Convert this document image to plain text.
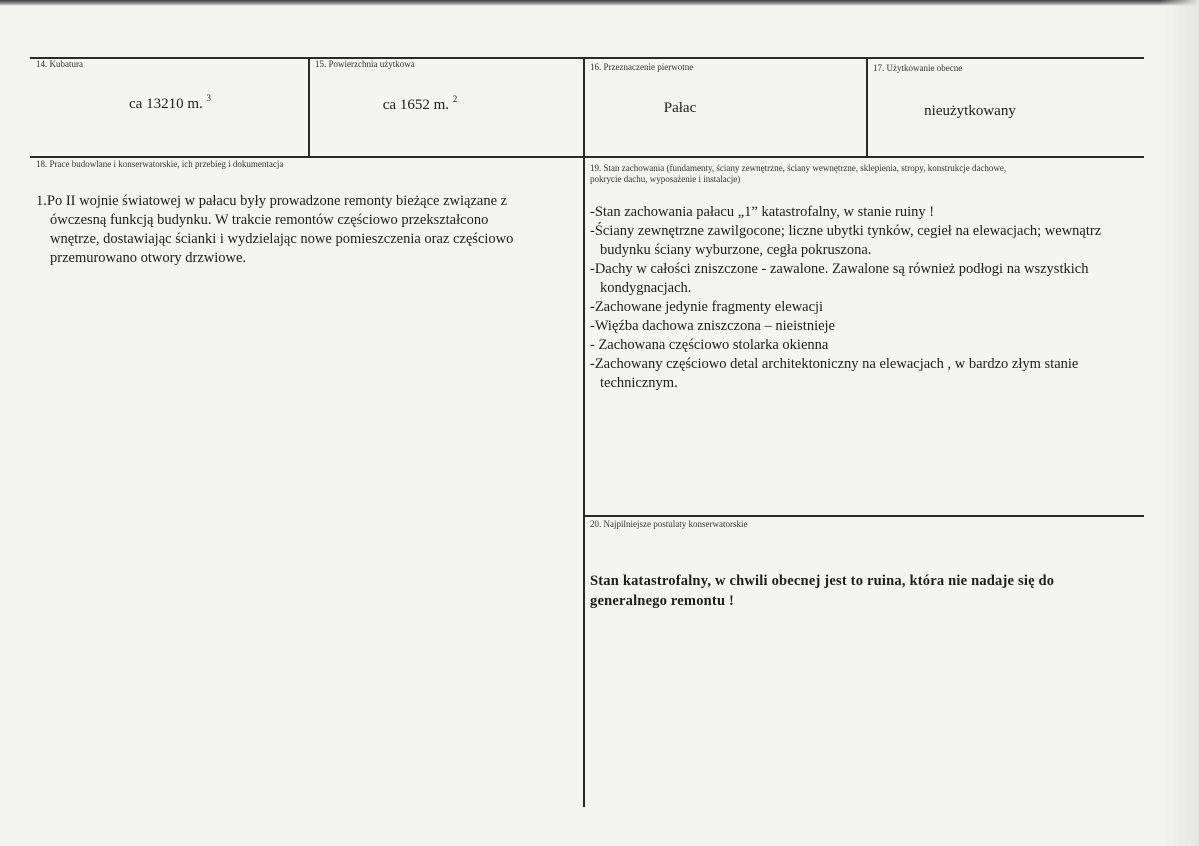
14. Kubatura
ca 13210 m. $^3$
15. Powierzchnia użytkowa
ca 1652 m. $^2$
16. Przeznaczenie pierwotne
Pałac
17. Użytkowanie obecne
nieużytkowany
18. Prace budowlane i konserwatorskie, ich przebieg i dokumentacja

1.Po II wojnie światowej w pałacu były prowadzone remonty bieżące związane z ówczesną funkcją budynku. W trakcie remontów częściowo przekształcono wnętrze, dostawiając ścianki i wydzielając nowe pomieszczenia oraz częściowo przemurowano otwory drzwiowe.

19. Stan zachowania (fundamenty, ściany zewnętrzne, ściany wewnętrzne, sklepienia, stropy, konstrukcje dachowe, pokrycie dachu, wyposażenie i instalacje)

-Stan zachowania pałacu „1” katastrofalny, w stanie ruiny !

-Ściany zewnętrzne zawilgocone; liczne ubytki tynków, cegieł na elewacjach; wewnątrz budynku ściany wyburzone, cegła pokruszona.

-Dachy w całości zniszczone - zawalone. Zawalone są również podłogi na wszystkich kondygnacjach.

-Zachowane jedynie fragmenty elewacji

-Więźba dachowa zniszczona – nieistnieje

- Zachowana częściowo stolarka okienna

-Zachowany częściowo detal architektoniczny na elewacjach , w bardzo złym stanie technicznym.

20. Najpilniejsze postulaty konserwatorskie
Stan katastrofalny, w chwili obecnej jest to ruina, która nie nadaje się do generalnego remontu !
